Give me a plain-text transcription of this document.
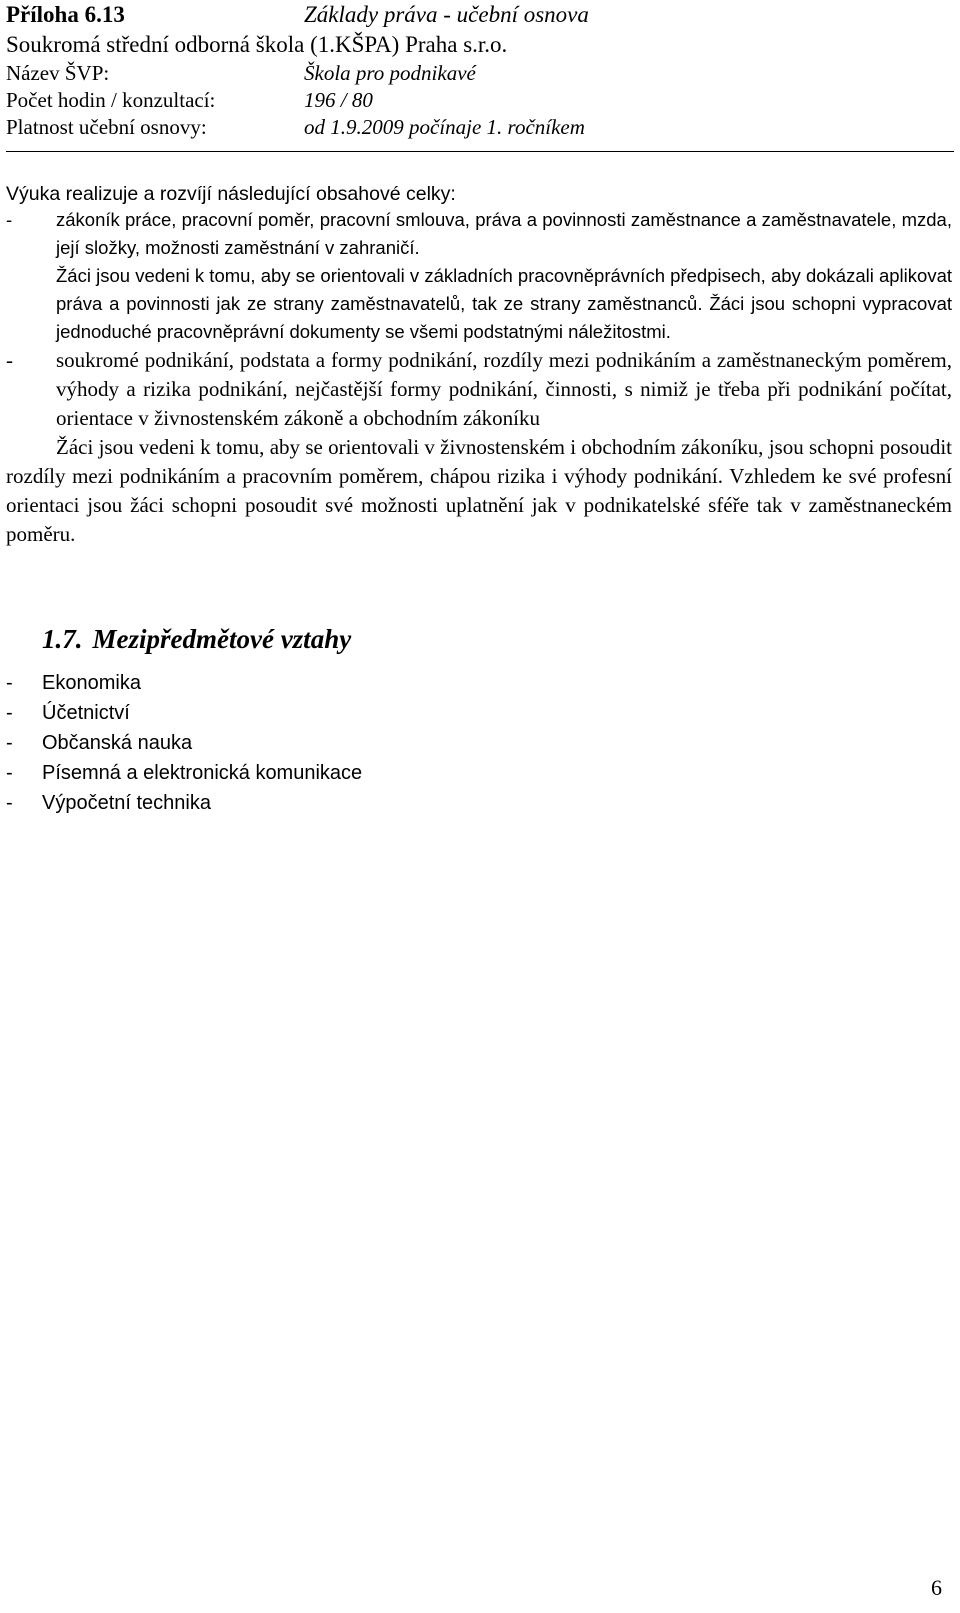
Příloha 6.13	Základy práva - učební osnova
Soukromá střední odborná škola (1.KŠPA) Praha s.r.o.
Název ŠVP:	Škola pro podnikavé
Počet hodin / konzultací:	196 / 80
Platnost učební osnovy:	od 1.9.2009 počínaje 1. ročníkem
Výuka realizuje a rozvíjí následující obsahové celky:
- zákoník práce, pracovní poměr, pracovní smlouva, práva a povinnosti zaměstnance a zaměstnavatele, mzda, její složky, možnosti zaměstnání v zahraničí.
Žáci jsou vedeni k tomu, aby se orientovali v základních pracovněprávních předpisech, aby dokázali aplikovat práva a povinnosti jak ze strany zaměstnavatelů, tak ze strany zaměstnanců. Žáci jsou schopni vypracovat jednoduché pracovněprávní dokumenty se všemi podstatnými náležitostmi.
- soukromé podnikání, podstata a formy podnikání, rozdíly mezi podnikáním a zaměstnaneckým poměrem, výhody a rizika podnikání, nejčastější formy podnikání, činnosti, s nimiž je třeba při podnikání počítat, orientace v živnostenském zákoně a obchodním zákoníku
Žáci jsou vedeni k tomu, aby se orientovali v živnostenském i obchodním zákoníku, jsou schopni posoudit rozdíly mezi podnikáním a pracovním poměrem, chápou rizika i výhody podnikání. Vzhledem ke své profesní orientaci jsou žáci schopni posoudit své možnosti uplatnění jak v podnikatelské sféře tak v zaměstnaneckém poměru.
1.7. Mezipředmětové vztahy
- Ekonomika
- Účetnictví
- Občanská nauka
- Písemná a elektronická komunikace
- Výpočetní technika
6
